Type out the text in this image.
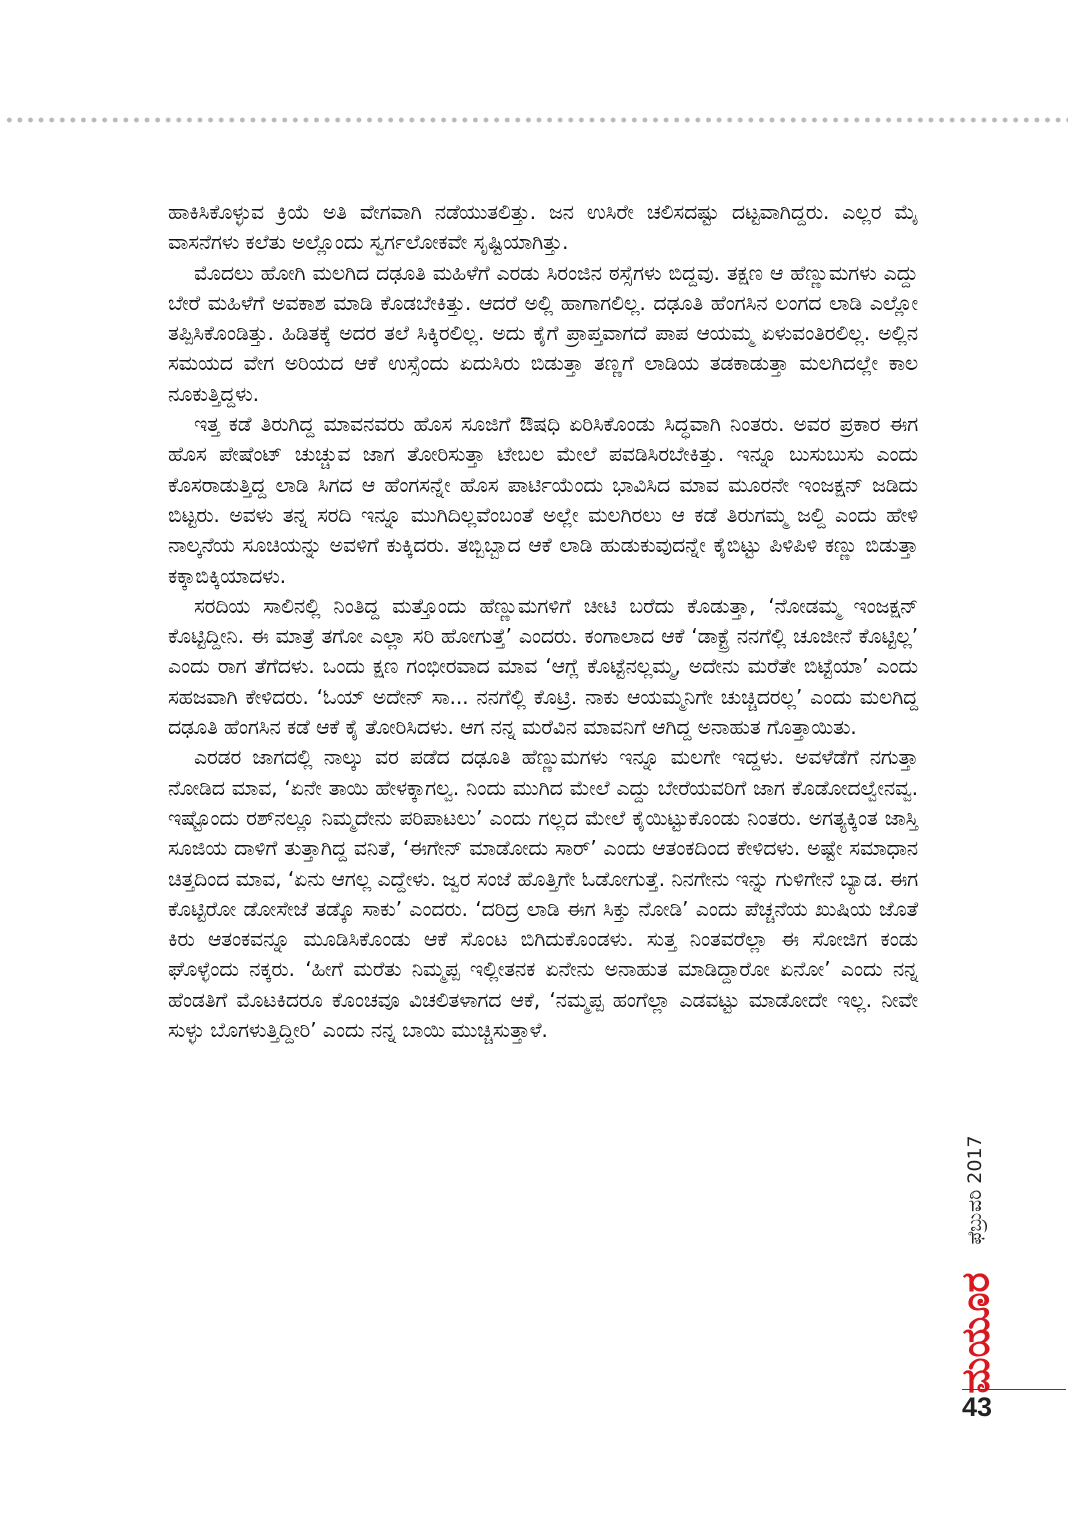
ಹಾಕಿಸಿಕೊಳ್ಳುವ ಕ್ರಿಯೆ ಅತಿ ವೇಗವಾಗಿ ನಡೆಯುತಲಿತ್ತು. ಜನ ಉಸಿರೇ ಚಲಿಸದಷ್ಟು ದಟ್ಟವಾಗಿದ್ದರು. ಎಲ್ಲರ ಮೈ ವಾಸನೆಗಳು ಕಲೆತು ಅಲ್ಲೊಂದು ಸ್ವರ್ಗಲೋಕವೇ ಸೃಷ್ಟಿಯಾಗಿತ್ತು.

ಮೊದಲು ಹೋಗಿ ಮಲಗಿದ ದಢೂತಿ ಮಹಿಳೆಗೆ ಎರಡು ಸಿರಂಜಿನ ಠಸ್ಸೆಗಳು ಬಿದ್ದವು. ತಕ್ಷಣ ಆ ಹೆಣ್ಣುಮಗಳು ಎದ್ದು ಬೇರೆ ಮಹಿಳೆಗೆ ಅವಕಾಶ ಮಾಡಿ ಕೊಡಬೇಕಿತ್ತು. ಆದರೆ ಅಲ್ಲಿ ಹಾಗಾಗಲಿಲ್ಲ. ದಢೂತಿ ಹೆಂಗಸಿನ ಲಂಗದ ಲಾಡಿ ಎಲ್ಲೋ ತಪ್ಪಿಸಿಕೊಂಡಿತ್ತು. ಹಿಡಿತಕ್ಕೆ ಅದರ ತಲೆ ಸಿಕ್ಕಿರಲಿಲ್ಲ. ಅದು ಕೈಗೆ ಪ್ರಾಪ್ತವಾಗದೆ ಪಾಪ ಆಯಮ್ಮ ಏಳುವಂತಿರಲಿಲ್ಲ. ಅಲ್ಲಿನ ಸಮಯದ ವೇಗ ಅರಿಯದ ಆಕೆ ಉಸ್ಸೆಂದು ಏದುಸಿರು ಬಿಡುತ್ತಾ ತಣ್ಣಗೆ ಲಾಡಿಯ ತಡಕಾಡುತ್ತಾ ಮಲಗಿದಲ್ಲೇ ಕಾಲ ನೂಕುತ್ತಿದ್ದಳು.

ಇತ್ತ ಕಡೆ ತಿರುಗಿದ್ದ ಮಾವನವರು ಹೊಸ ಸೂಜಿಗೆ ಔಷಧಿ ಏರಿಸಿಕೊಂಡು ಸಿದ್ಧವಾಗಿ ನಿಂತರು. ಅವರ ಪ್ರಕಾರ ಈಗ ಹೊಸ ಪೇಷೆಂಟ್ ಚುಚ್ಚುವ ಜಾಗ ತೋರಿಸುತ್ತಾ ಟೇಬಲ ಮೇಲೆ ಪವಡಿಸಿರಬೇಕಿತ್ತು. ಇನ್ನೂ ಬುಸುಬುಸು ಎಂದು ಕೊಸರಾಡುತ್ತಿದ್ದ ಲಾಡಿ ಸಿಗದ ಆ ಹೆಂಗಸನ್ನೇ ಹೊಸ ಪಾರ್ಟಿಯೆಂದು ಭಾವಿಸಿದ ಮಾವ ಮೂರನೇ ಇಂಜಕ್ಷನ್ ಜಡಿದು ಬಿಟ್ಟರು. ಅವಳು ತನ್ನ ಸರದಿ ಇನ್ನೂ ಮುಗಿದಿಲ್ಲವೆಂಬಂತೆ ಅಲ್ಲೇ ಮಲಗಿರಲು ಆ ಕಡೆ ತಿರುಗಮ್ಮ ಜಲ್ದಿ ಎಂದು ಹೇಳಿ ನಾಲ್ಕನೆಯ ಸೂಚಿಯನ್ನು ಅವಳಿಗೆ ಕುಕ್ಕಿದರು. ತಬ್ಬಿಬ್ಬಾದ ಆಕೆ ಲಾಡಿ ಹುಡುಕುವುದನ್ನೇ ಕೈಬಿಟ್ಟು ಪಿಳಿಪಿಳಿ ಕಣ್ಣು ಬಿಡುತ್ತಾ ಕಕ್ಕಾಬಿಕ್ಕಿಯಾದಳು.

ಸರದಿಯ ಸಾಲಿನಲ್ಲಿ ನಿಂತಿದ್ದ ಮತ್ತೊಂದು ಹೆಣ್ಣುಮಗಳಿಗೆ ಚೀಟಿ ಬರೆದು ಕೊಡುತ್ತಾ, ‘ನೋಡಮ್ಮ ಇಂಜಕ್ಷನ್ ಕೊಟ್ಟಿದ್ದೀನಿ. ಈ ಮಾತ್ರೆ ತಗೋ ಎಲ್ಲಾ ಸರಿ ಹೋಗುತ್ತೆ’ ಎಂದರು. ಕಂಗಾಲಾದ ಆಕೆ ‘ಡಾಕ್ಟ್ರೆ ನನಗೆಲ್ಲಿ ಚೂಜೀನೆ ಕೊಟ್ಟಿಲ್ಲ’ ಎಂದು ರಾಗ ತೆಗೆದಳು. ಒಂದು ಕ್ಷಣ ಗಂಭೀರವಾದ ಮಾವ ‘ಆಗ್ಲೆ ಕೊಟ್ಟೆನಲ್ಲಮ್ಮ, ಅದೇನು ಮರೆತೇ ಬಿಟ್ಟೆಯಾ’ ಎಂದು ಸಹಜವಾಗಿ ಕೇಳಿದರು. ‘ಓಯ್ ಅದೇನ್ ಸಾ... ನನಗೆಲ್ಲಿ ಕೊಟ್ರಿ. ನಾಕು ಆಯಮ್ಮನಿಗೇ ಚುಚ್ಚಿದರಲ್ಲ’ ಎಂದು ಮಲಗಿದ್ದ ದಢೂತಿ ಹೆಂಗಸಿನ ಕಡೆ ಆಕೆ ಕೈ ತೋರಿಸಿದಳು. ಆಗ ನನ್ನ ಮರೆವಿನ ಮಾವನಿಗೆ ಆಗಿದ್ದ ಅನಾಹುತ ಗೊತ್ತಾಯಿತು.

ಎರಡರ ಜಾಗದಲ್ಲಿ ನಾಲ್ಕು ವರ ಪಡೆದ ದಢೂತಿ ಹೆಣ್ಣುಮಗಳು ಇನ್ನೂ ಮಲಗೇ ಇದ್ದಳು. ಅವಳೆಡೆಗೆ ನಗುತ್ತಾ ನೋಡಿದ ಮಾವ, ‘ಏನೇ ತಾಯಿ ಹೇಳಕ್ಕಾಗಲ್ವ. ನಿಂದು ಮುಗಿದ ಮೇಲೆ ಎದ್ದು ಬೇರೆಯವರಿಗೆ ಜಾಗ ಕೊಡೋದಲ್ವೇನವ್ವ. ಇಷ್ಟೊಂದು ರಶ್‌ನಲ್ಲೂ ನಿಮ್ಮದೇನು ಪರಿಪಾಟಲು’ ಎಂದು ಗಲ್ಲದ ಮೇಲೆ ಕೈಯಿಟ್ಟುಕೊಂಡು ನಿಂತರು. ಅಗತ್ಯಕ್ಕಿಂತ ಜಾಸ್ತಿ ಸೂಜಿಯ ದಾಳಿಗೆ ತುತ್ತಾಗಿದ್ದ ವನಿತೆ, ‘ಈಗೇನ್ ಮಾಡೋದು ಸಾರ್’ ಎಂದು ಆತಂಕದಿಂದ ಕೇಳಿದಳು. ಅಷ್ಟೇ ಸಮಾಧಾನ ಚಿತ್ತದಿಂದ ಮಾವ, ‘ಏನು ಆಗಲ್ಲ ಎದ್ದೇಳು. ಜ್ವರ ಸಂಜೆ ಹೊತ್ತಿಗೇ ಓಡೋಗುತ್ತೆ. ನಿನಗೇನು ಇನ್ನು ಗುಳಿಗೇನೆ ಬ್ಯಾಡ. ಈಗ ಕೊಟ್ಟಿರೋ ಡೋಸೇಜೆ ತಡ್ಕೊ ಸಾಕು’ ಎಂದರು. ‘ದರಿದ್ರ ಲಾಡಿ ಈಗ ಸಿಕ್ತು ನೋಡಿ’ ಎಂದು ಪೆಚ್ಚನೆಯ ಖುಷಿಯ ಜೊತೆ ಕಿರು ಆತಂಕವನ್ನೂ ಮೂಡಿಸಿಕೊಂಡು ಆಕೆ ಸೊಂಟ ಬಿಗಿದುಕೊಂಡಳು. ಸುತ್ತ ನಿಂತವರೆಲ್ಲಾ ಈ ಸೋಜಿಗ ಕಂಡು ಘೊಳ್ಳೆಂದು ನಕ್ಕರು. ‘ಹೀಗೆ ಮರೆತು ನಿಮ್ಮಪ್ಪ ಇಲ್ಲೀತನಕ ಏನೇನು ಅನಾಹುತ ಮಾಡಿದ್ದಾರೋ ಏನೋ’ ಎಂದು ನನ್ನ ಹೆಂಡತಿಗೆ ಮೊಟಕಿದರೂ ಕೊಂಚವೂ ವಿಚಲಿತಳಾಗದ ಆಕೆ, ‘ನಮ್ಮಪ್ಪ ಹಂಗೆಲ್ಲಾ ಎಡವಟ್ಟು ಮಾಡೋದೇ ಇಲ್ಲ. ನೀವೇ ಸುಳ್ಳು ಬೊಗಳುತ್ತಿದ್ದೀರಿ’ ಎಂದು ನನ್ನ ಬಾಯಿ ಮುಚ್ಚಿಸುತ್ತಾಳೆ.

ಫೆಬ್ರುವರಿ 2017
ಮಯೂರ
43
